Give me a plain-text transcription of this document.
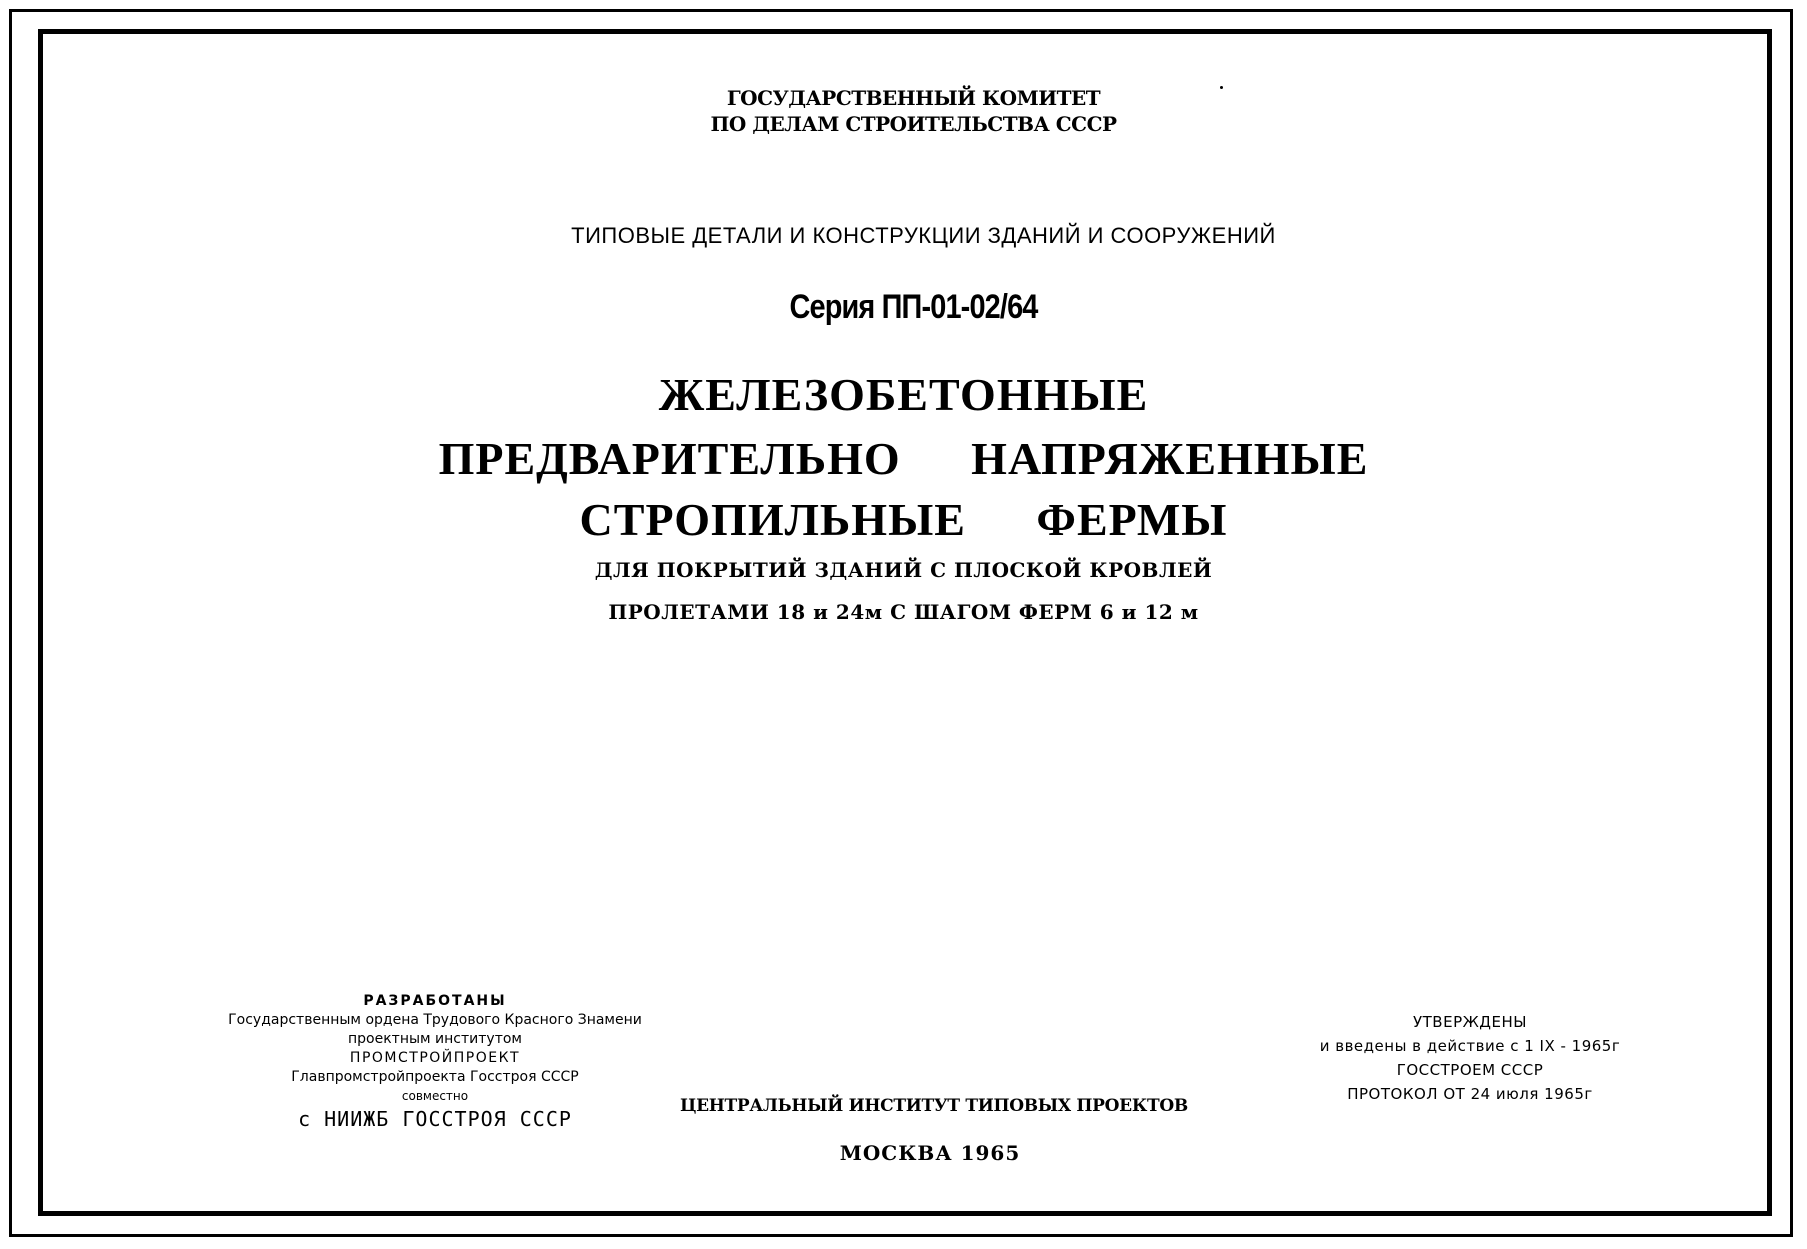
ГОСУДАРСТВЕННЫЙ КОМИТЕТ
ПО ДЕЛАМ СТРОИТЕЛЬСТВА СССР
ТИПОВЫЕ ДЕТАЛИ И КОНСТРУКЦИИ ЗДАНИЙ И СООРУЖЕНИЙ
Серия ПП-01-02/64
ЖЕЛЕЗОБЕТОННЫЕ
ПРЕДВАРИТЕЛЬНО НАПРЯЖЕННЫЕ
СТРОПИЛЬНЫЕ ФЕРМЫ
ДЛЯ ПОКРЫТИЙ ЗДАНИЙ С ПЛОСКОЙ КРОВЛЕЙ
ПРОЛЕТАМИ 18 и 24м С ШАГОМ ФЕРМ 6 и 12 м
РАЗРАБОТАНЫ
Государственным ордена Трудового Красного Знамени
проектным институтом
ПРОМСТРОЙПРОЕКТ
Главпромстройпроекта Госстроя СССР
совместно
с НИИЖБ ГОССТРОЯ СССР
ЦЕНТРАЛЬНЫЙ ИНСТИТУТ ТИПОВЫХ ПРОЕКТОВ
МОСКВА 1965
УТВЕРЖДЕНЫ
и введены в действие с 1 IX - 1965г
ГОССТРОЕМ СССР
ПРОТОКОЛ ОТ 24 июля 1965г
